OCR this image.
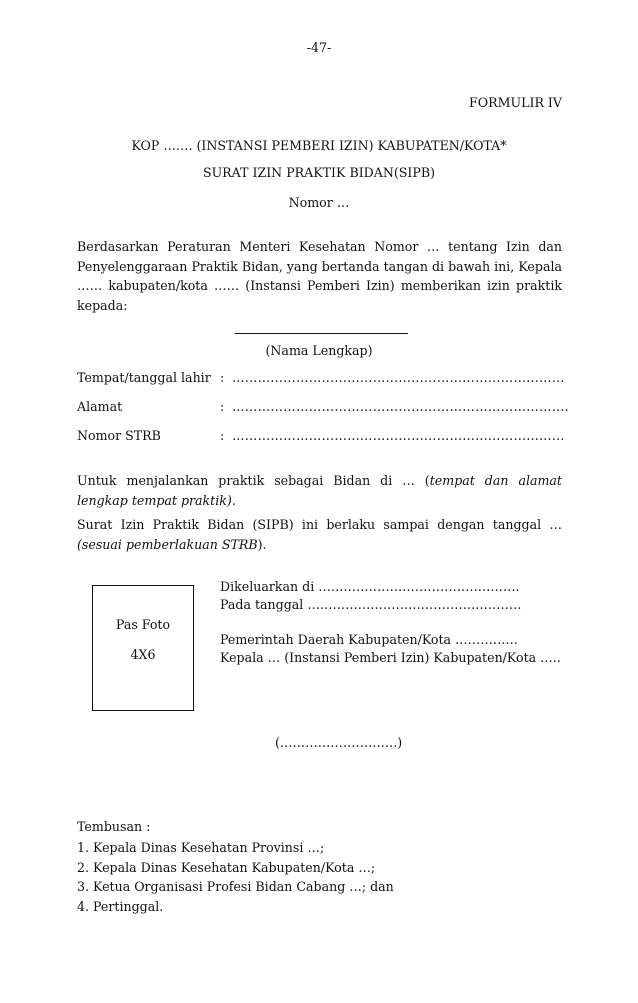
-47-
FORMULIR IV
KOP ……. (INSTANSI PEMBERI IZIN) KABUPATEN/KOTA*
SURAT IZIN PRAKTIK BIDAN(SIPB)
Nomor …
Berdasarkan Peraturan Menteri Kesehatan Nomor … tentang Izin dan Penyelenggaraan Praktik Bidan, yang bertanda tangan di bawah ini, Kepala …… kabupaten/kota …… (Instansi Pemberi Izin) memberikan izin praktik kepada:
(Nama Lengkap)
Tempat/tanggal lahir : ……………………………………………………………………
Alamat	: …………………………………………………………………….
Nomor STRB	: ……………………………………………………………………
Untuk menjalankan praktik sebagai Bidan di … (tempat dan alamat lengkap tempat praktik).
Surat Izin Praktik Bidan (SIPB) ini berlaku sampai dengan tanggal … (sesuai pemberlakuan STRB).
Pas Foto
4X6
Dikeluarkan di …………………………………………
Pada tanggal ……………………………………………
Pemerintah Daerah Kabupaten/Kota ……………
Kepala … (Instansi Pemberi Izin) Kabupaten/Kota …..
(……………………….)
Tembusan :
1. Kepala Dinas Kesehatan Provinsi …;
2. Kepala Dinas Kesehatan Kabupaten/Kota …;
3. Ketua Organisasi Profesi Bidan Cabang …; dan
4. Pertinggal.
